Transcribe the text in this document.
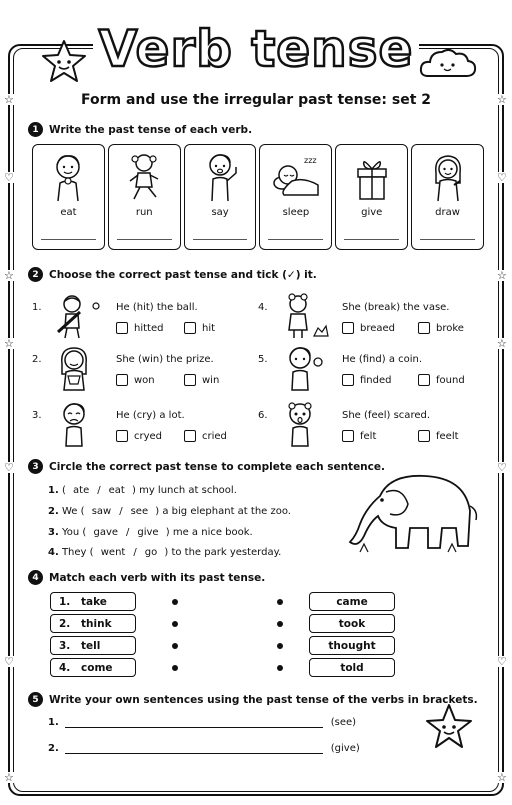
☆	☆
♡	♡
☆	☆
☆	☆
♡	♡
♡	♡
☆	☆
Verb tense
Form and use the irregular past tense: set 2
1 Write the past tense of each verb.
eat	run	say
zzz
sleep	give	draw
2 Choose the correct past tense and tick (✓) it.
1.	He (hit) the ball.
hitted	hit
4.	She (break) the vase.
breaed	broke
2.	She (win) the prize.
won	win
5.	He (find) a coin.
finded	found
3.	He (cry) a lot.
cryed	cried
6.	She (feel) scared.
felt	feelt
3 Circle the correct past tense to complete each sentence.
1. ( ate / eat ) my lunch at school.
2. We ( saw / see ) a big elephant at the zoo.
3. You ( gave / give ) me a nice book.
4. They ( went / go ) to the park yesterday.
4 Match each verb with its past tense.
1.	take
2.	think
3.	tell
4.	come
came
took
thought
told
5 Write your own sentences using the past tense of the verbs in brackets.
1.	(see)
2.	(give)
